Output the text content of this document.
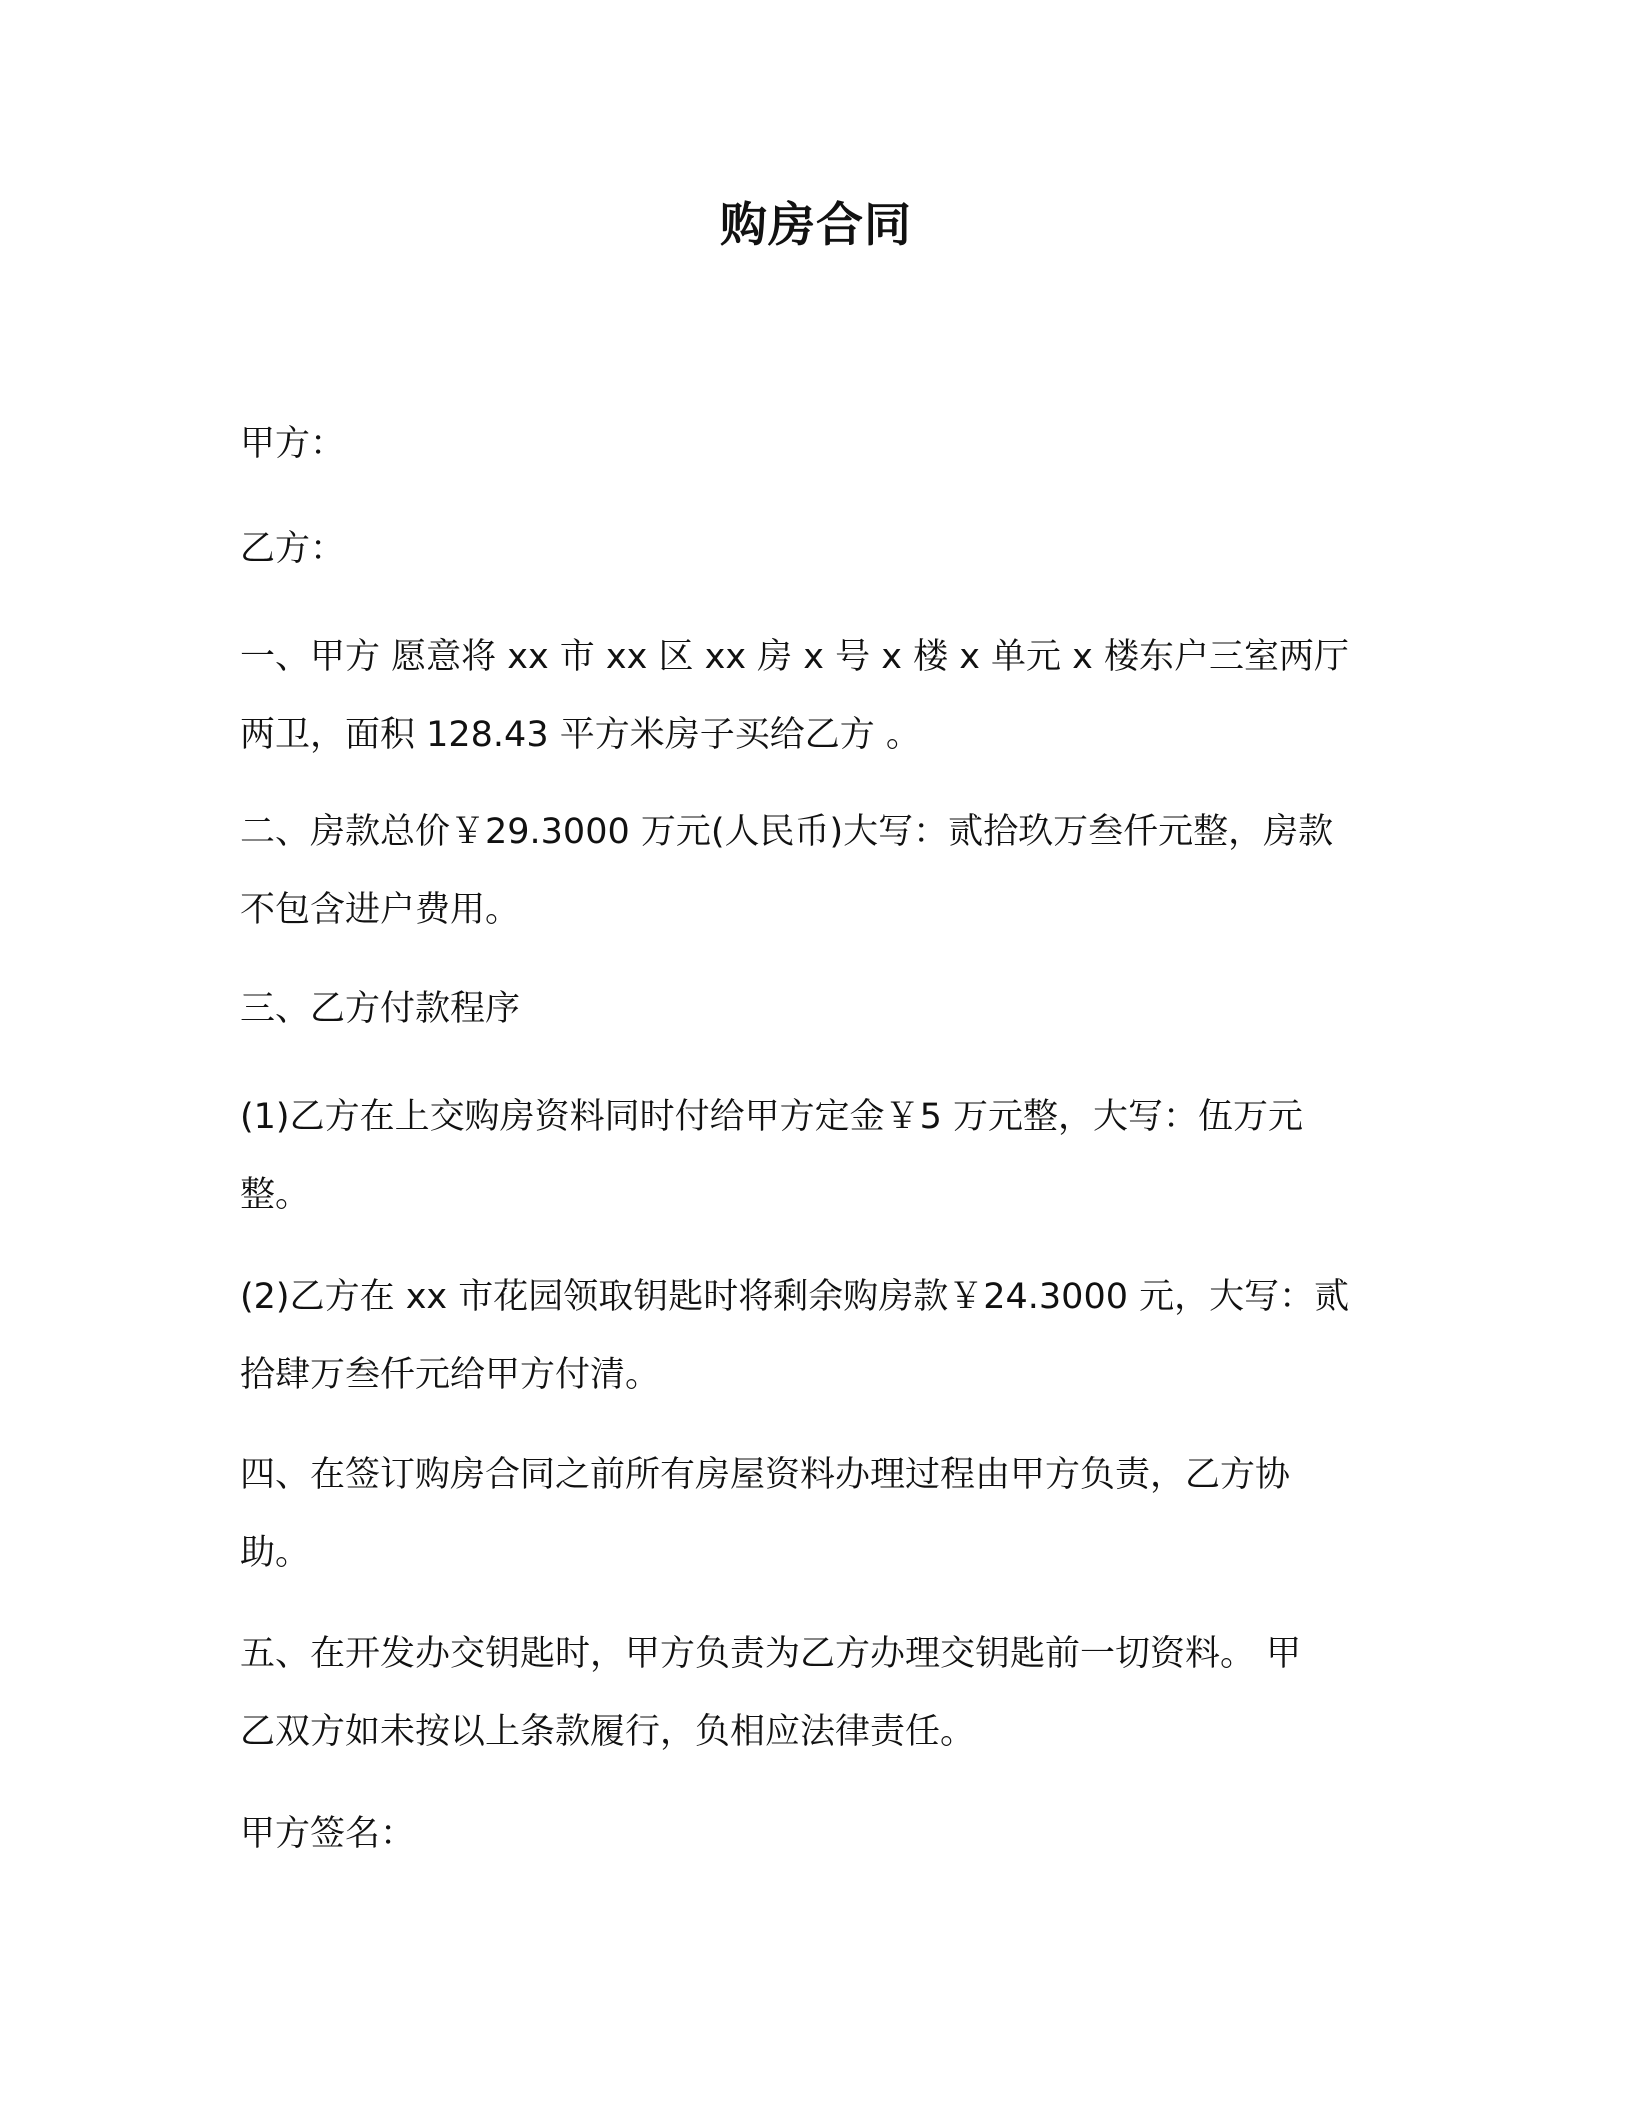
购房合同

甲方：

乙方：

一、甲方 愿意将 xx 市 xx 区 xx 房 x 号 x 楼 x 单元 x 楼东户三室两厅
两卫，面积 128.43 平方米房子买给乙方 。

二、房款总价￥29.3000 万元(人民币)大写：贰拾玖万叁仟元整，房款
不包含进户费用。

三、乙方付款程序

(1)乙方在上交购房资料同时付给甲方定金￥5 万元整，大写：伍万元
整。

(2)乙方在 xx 市花园领取钥匙时将剩余购房款￥24.3000 元，大写：贰
拾肆万叁仟元给甲方付清。

四、在签订购房合同之前所有房屋资料办理过程由甲方负责，乙方协
助。

五、在开发办交钥匙时，甲方负责为乙方办理交钥匙前一切资料。 甲
乙双方如未按以上条款履行，负相应法律责任。

甲方签名：
